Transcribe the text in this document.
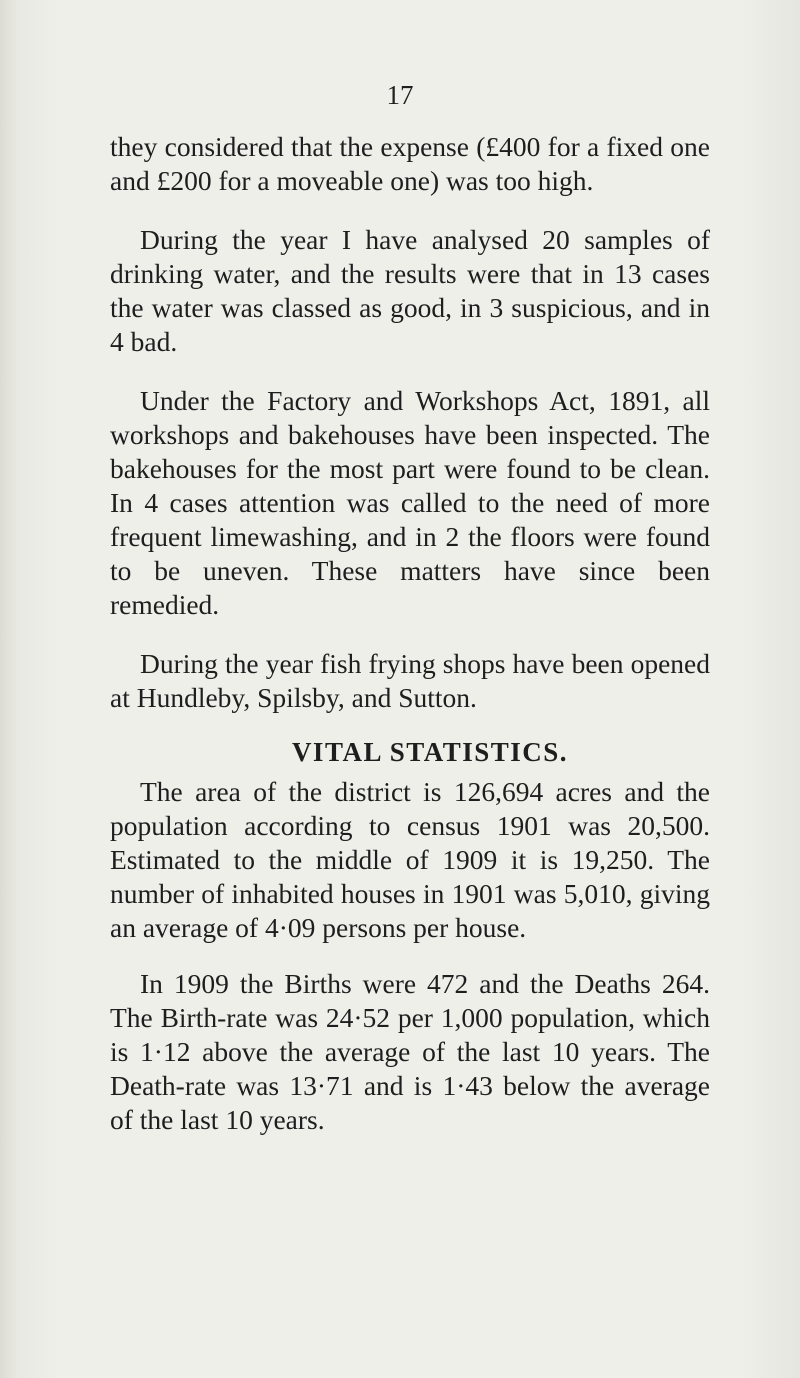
17

they considered that the expense (£400 for a fixed one and £200 for a moveable one) was too high.

During the year I have analysed 20 samples of drinking water, and the results were that in 13 cases the water was classed as good, in 3 suspicious, and in 4 bad.

Under the Factory and Workshops Act, 1891, all workshops and bakehouses have been inspected. The bakehouses for the most part were found to be clean. In 4 cases attention was called to the need of more frequent limewashing, and in 2 the floors were found to be uneven. These matters have since been remedied.

During the year fish frying shops have been opened at Hundleby, Spilsby, and Sutton.

VITAL STATISTICS.

The area of the district is 126,694 acres and the population according to census 1901 was 20,500. Estimated to the middle of 1909 it is 19,250. The number of inhabited houses in 1901 was 5,010, giving an average of 4·09 persons per house.

In 1909 the Births were 472 and the Deaths 264. The Birth-rate was 24·52 per 1,000 population, which is 1·12 above the average of the last 10 years. The Death-rate was 13·71 and is 1·43 below the average of the last 10 years.
